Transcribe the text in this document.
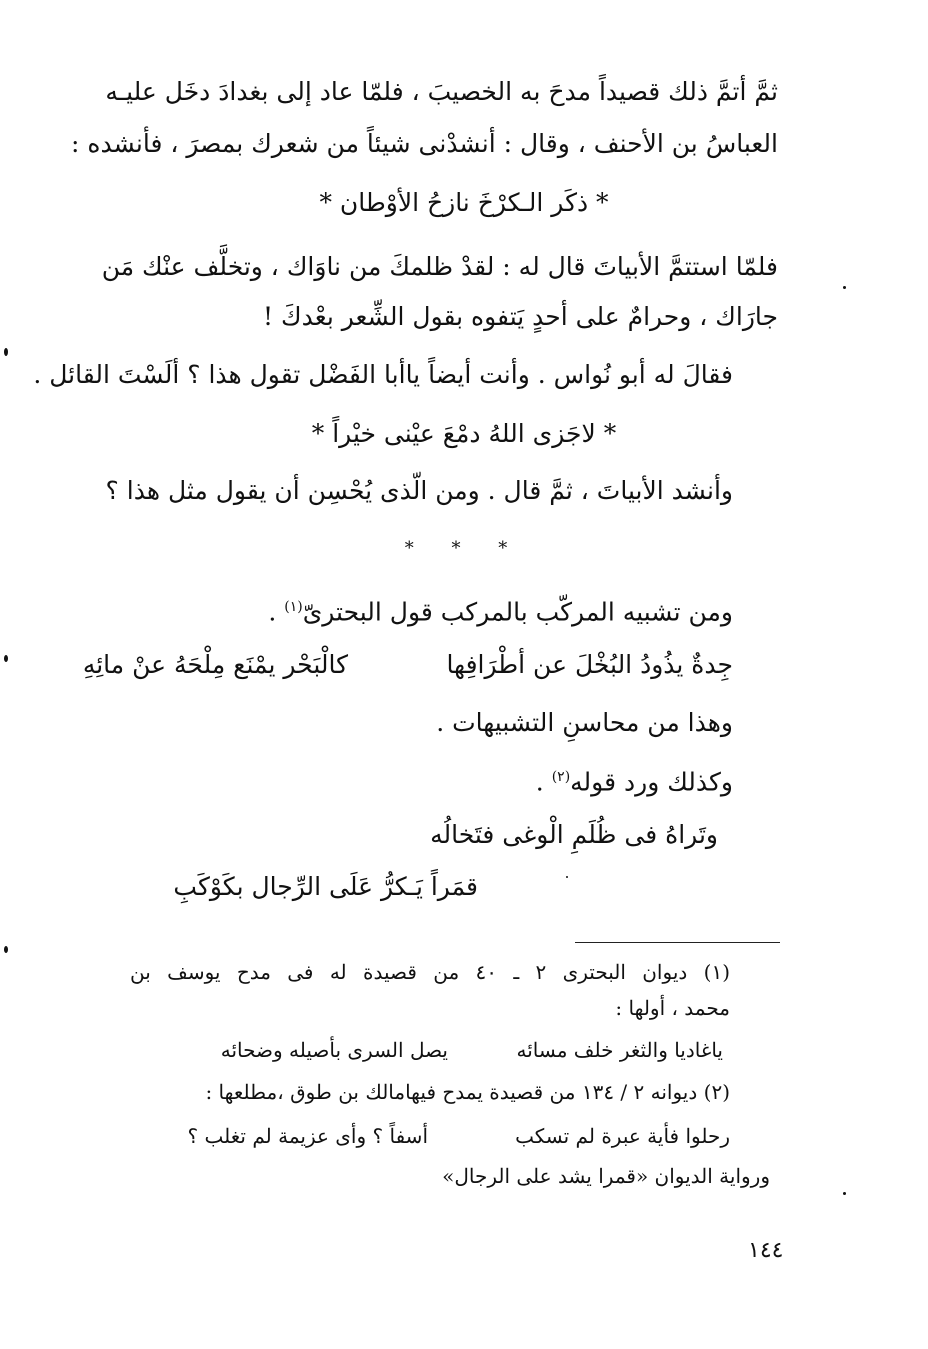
ثمَّ أتمَّ ذلك قصيداً مدحَ به الخصيبَ ، فلمّا عاد إلى بغدادَ دخَل عليـه
العباسُ بن الأحنف ، وقال : أنشدْنى شيئاً من شعرك بمصرَ ، فأنشده :
* ذكَر الـكرْخَ نازحُ الأوْطان *
فلمّا استتمَّ الأبياتَ قال له : لقدْ ظلمكَ من ناوَاك ، وتخلَّف عنْك مَن
جارَاك ، وحرامٌ على أحدٍ يَتفوه بقول الشِّعر بعْدكَ !
فقالَ له أبو نُواس . وأنت أيضاً ياأبا الفَضْل تقول هذا ؟ ألَسْتَ القائل .
* لاجَزى اللهُ دمْعَ عيْنى خيْراً *
وأنشد الأبياتَ ، ثمَّ قال . ومن الّذى يُحْسِن أن يقول مثل هذا ؟
* * *
ومن تشبيه المركّب بالمركب قول البحترىّ$^{(١)}$ .
جِدةٌ يذُودُ البُخْلَ عن أطْرَافِها
كالْبَحْر يمْنَع مِلْحَهُ عنْ مائِهِ
وهذا من محاسنِ التشبيهات .
وكذلك ورد قوله$^{(٢)}$ .
وتَراهُ فى ظُلَمِ الْوغى فتَخالُه
قمَراً يَـكرُّ عَلَى الرِّجال بكَوْكَبِ
(١) ديوان البحترى ٢ ـ ٤٠ من قصيدة له فى مدح يوسف بن
محمد ، أولها :
ياغاديا والثغر خلف مسائه
يصل السرى بأصيله وضحائه
(٢) ديوانه ٢ / ١٣٤ من قصيدة يمدح فيهامالك بن طوق ،مطلعها :
رحلوا فأية عبرة لم تسكب
أسفاً ؟ وأى عزيمة لم تغلب ؟
ورواية الديوان «قمرا يشد على الرجال»
١٤٤
